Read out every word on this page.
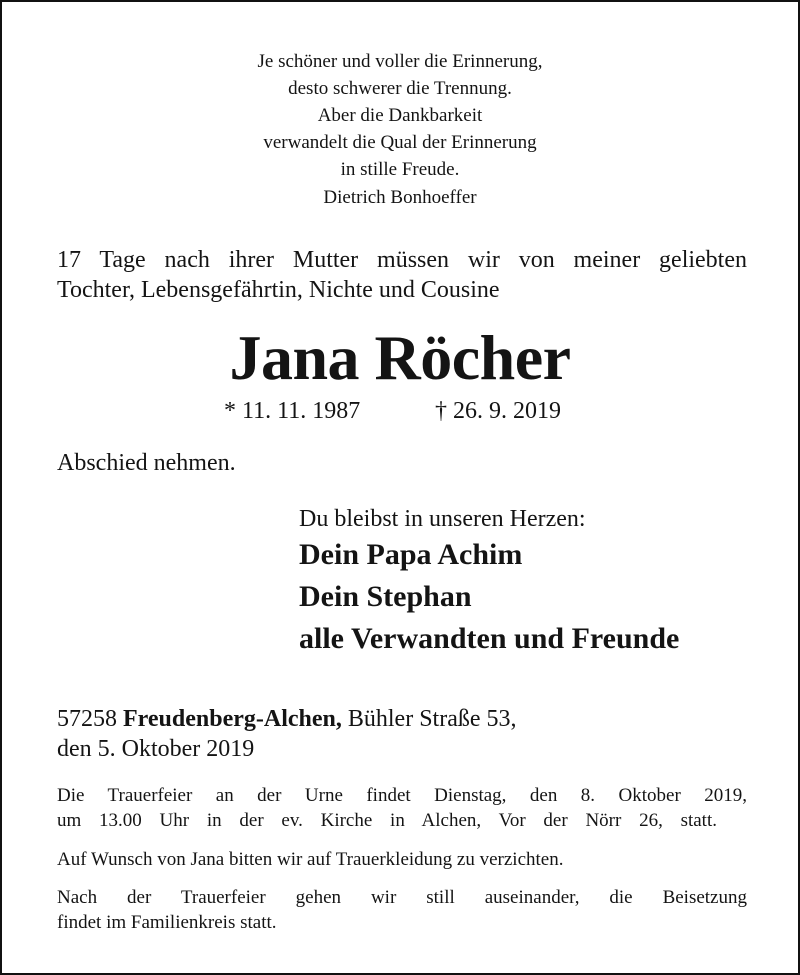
Je schöner und voller die Erinnerung,
desto schwerer die Trennung.
Aber die Dankbarkeit
verwandelt die Qual der Erinnerung
in stille Freude.
Dietrich Bonhoeffer
17 Tage nach ihrer Mutter müssen wir von meiner geliebten
Tochter, Lebensgefährtin, Nichte und Cousine
Jana Röcher
* 11. 11. 1987	† 26. 9. 2019
Abschied nehmen.
Du bleibst in unseren Herzen:
Dein Papa Achim
Dein Stephan
alle Verwandten und Freunde
57258 Freudenberg-Alchen, Bühler Straße 53,
den 5. Oktober 2019
Die Trauerfeier an der Urne findet Dienstag, den 8. Oktober 2019,
um 13.00 Uhr in der ev. Kirche in Alchen, Vor der Nörr 26, statt.
Auf Wunsch von Jana bitten wir auf Trauerkleidung zu verzichten.
Nach der Trauerfeier gehen wir still auseinander, die Beisetzung
findet im Familienkreis statt.
